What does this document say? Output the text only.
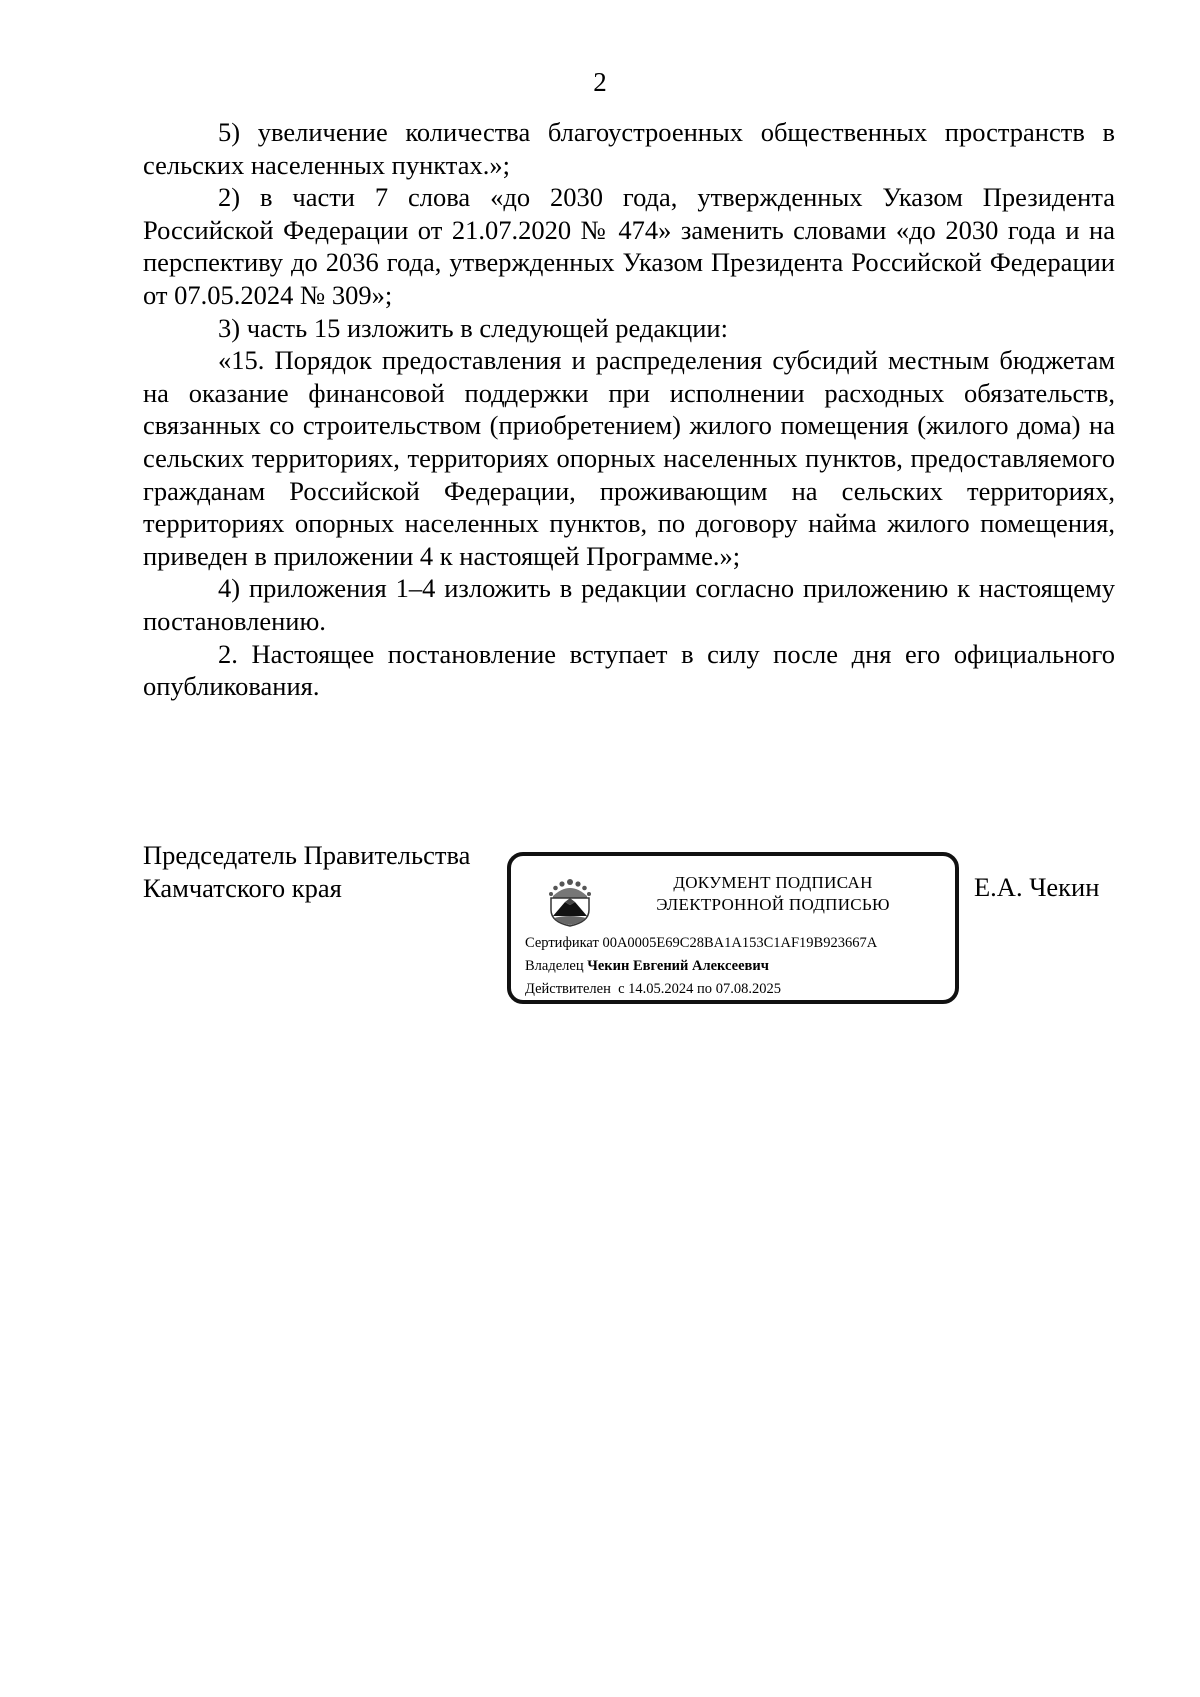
2

5) увеличение количества благоустроенных общественных пространств в сельских населенных пунктах.»;

2) в части 7 слова «до 2030 года, утвержденных Указом Президента Российской Федерации от 21.07.2020 № 474» заменить словами «до 2030 года и на перспективу до 2036 года, утвержденных Указом Президента Российской Федерации от 07.05.2024 № 309»;

3) часть 15 изложить в следующей редакции:

«15. Порядок предоставления и распределения субсидий местным бюджетам на оказание финансовой поддержки при исполнении расходных обязательств, связанных со строительством (приобретением) жилого помещения (жилого дома) на сельских территориях, территориях опорных населенных пунктов, предоставляемого гражданам Российской Федерации, проживающим на сельских территориях, территориях опорных населенных пунктов, по договору найма жилого помещения, приведен в приложении 4 к настоящей Программе.»;

4) приложения 1–4 изложить в редакции согласно приложению к настоящему постановлению.

2. Настоящее постановление вступает в силу после дня его официального опубликования.

Председатель Правительства
Камчатского края	ДОКУМЕНТ ПОДПИСАН
ЭЛЕКТРОННОЙ ПОДПИСЬЮ
Сертификат 00A0005E69C28BA1A153C1AF19B923667A
Владелец Чекин Евгений Алексеевич
Действителен  с 14.05.2024 по 07.08.2025
Е.А. Чекин
